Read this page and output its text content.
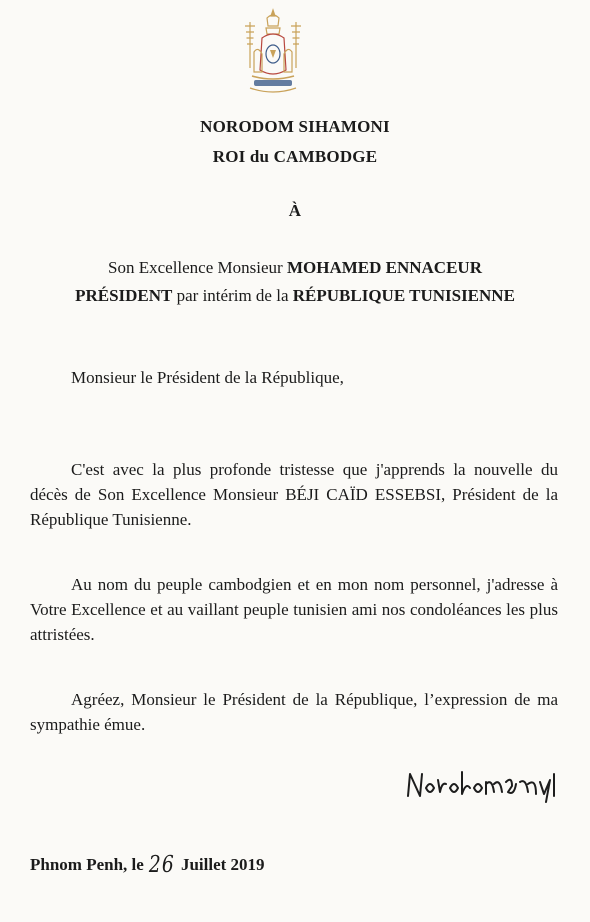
NORODOM SIHAMONI
ROI du CAMBODGE
À
Son Excellence Monsieur MOHAMED ENNACEUR
PRÉSIDENT par intérim de la RÉPUBLIQUE TUNISIENNE
Monsieur le Président de la République,
C'est avec la plus profonde tristesse que j'apprends la nouvelle du décès de Son Excellence Monsieur BÉJI CAÏD ESSEBSI, Président de la République Tunisienne.
Au nom du peuple cambodgien et en mon nom personnel, j'adresse à Votre Excellence et au vaillant peuple tunisien ami nos condoléances les plus attristées.
Agréez, Monsieur le Président de la République, l’expression de ma sympathie émue.
Phnom Penh, le 26 Juillet 2019
